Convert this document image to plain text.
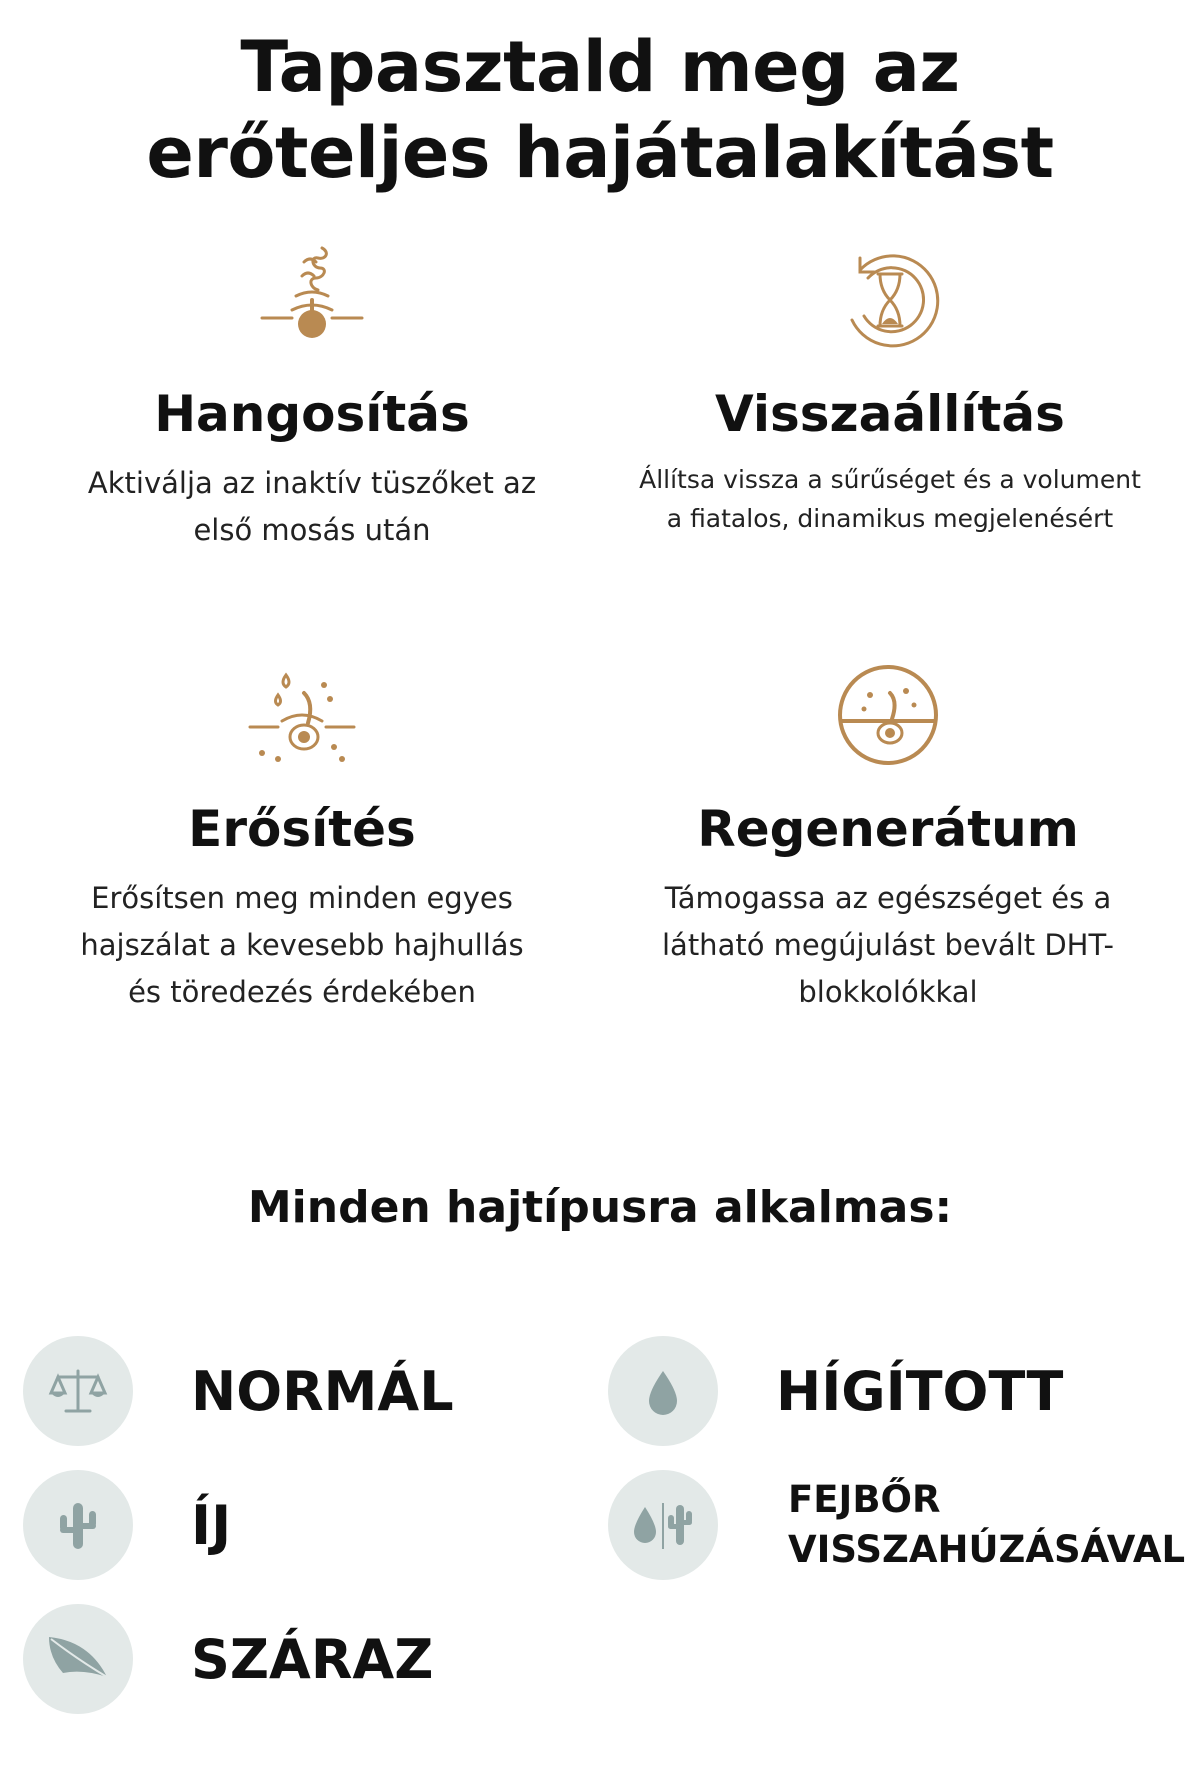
Tapasztald meg az
erőteljes hajátalakítást
Hangosítás

Aktiválja az inaktív tüszőket az
első mosás után

Visszaállítás

Állítsa vissza a sűrűséget és a volument
a fiatalos, dinamikus megjelenésért

Erősítés

Erősítsen meg minden egyes
hajszálat a kevesebb hajhullás
és töredezés érdekében

Regenerátum

Támogassa az egészséget és a
látható megújulást bevált DHT-
blokkolókkal

Minden hajtípusra alkalmas:
NORMÁL
ÍJ
SZÁRAZ
HÍGÍTOTT
FEJBŐR
VISSZAHÚZÁSÁVAL
